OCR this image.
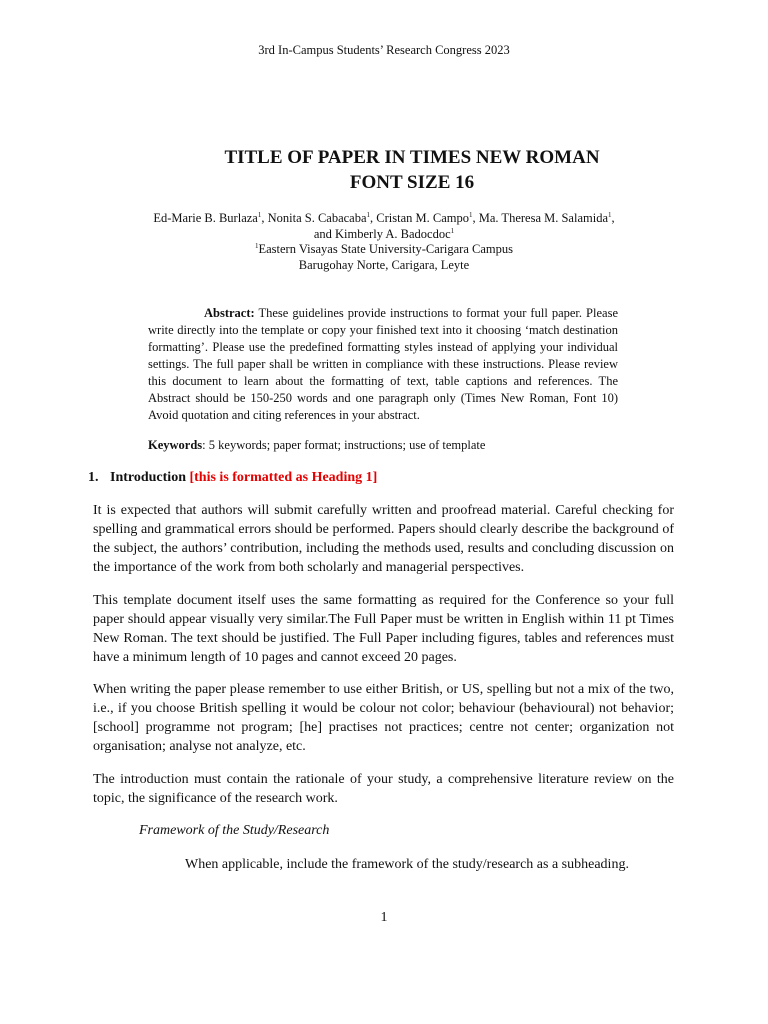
3rd In-Campus Students’ Research Congress 2023
TITLE OF PAPER IN TIMES NEW ROMAN
FONT SIZE 16
Ed-Marie B. Burlaza$^1$, Nonita S. Cabacaba$^1$, Cristan M. Campo$^1$, Ma. Theresa M. Salamida$^1$, and Kimberly A. Badocdoc$^1$
$^1$Eastern Visayas State University-Carigara Campus
Barugohay Norte, Carigara, Leyte
Abstract: These guidelines provide instructions to format your full paper. Please write directly into the template or copy your finished text into it choosing ‘match destination formatting’. Please use the predefined formatting styles instead of applying your individual settings. The full paper shall be written in compliance with these instructions. Please review this document to learn about the formatting of text, table captions and references. The Abstract should be 150-250 words and one paragraph only (Times New Roman, Font 10) Avoid quotation and citing references in your abstract.
Keywords: 5 keywords; paper format; instructions; use of template
1. Introduction [this is formatted as Heading 1]

It is expected that authors will submit carefully written and proofread material. Careful checking for spelling and grammatical errors should be performed. Papers should clearly describe the background of the subject, the authors’ contribution, including the methods used, results and concluding discussion on the importance of the work from both scholarly and managerial perspectives.

This template document itself uses the same formatting as required for the Conference so your full paper should appear visually very similar.The Full Paper must be written in English within 11 pt Times New Roman. The text should be justified. The Full Paper including figures, tables and references must have a minimum length of 10 pages and cannot exceed 20 pages.

When writing the paper please remember to use either British, or US, spelling but not a mix of the two, i.e., if you choose British spelling it would be colour not color; behaviour (behavioural) not behavior; [school] programme not program; [he] practises not practices; centre not center; organization not organisation; analyse not analyze, etc.

The introduction must contain the rationale of your study, a comprehensive literature review on the topic, the significance of the research work.

Framework of the Study/Research
When applicable, include the framework of the study/research as a subheading.
1
